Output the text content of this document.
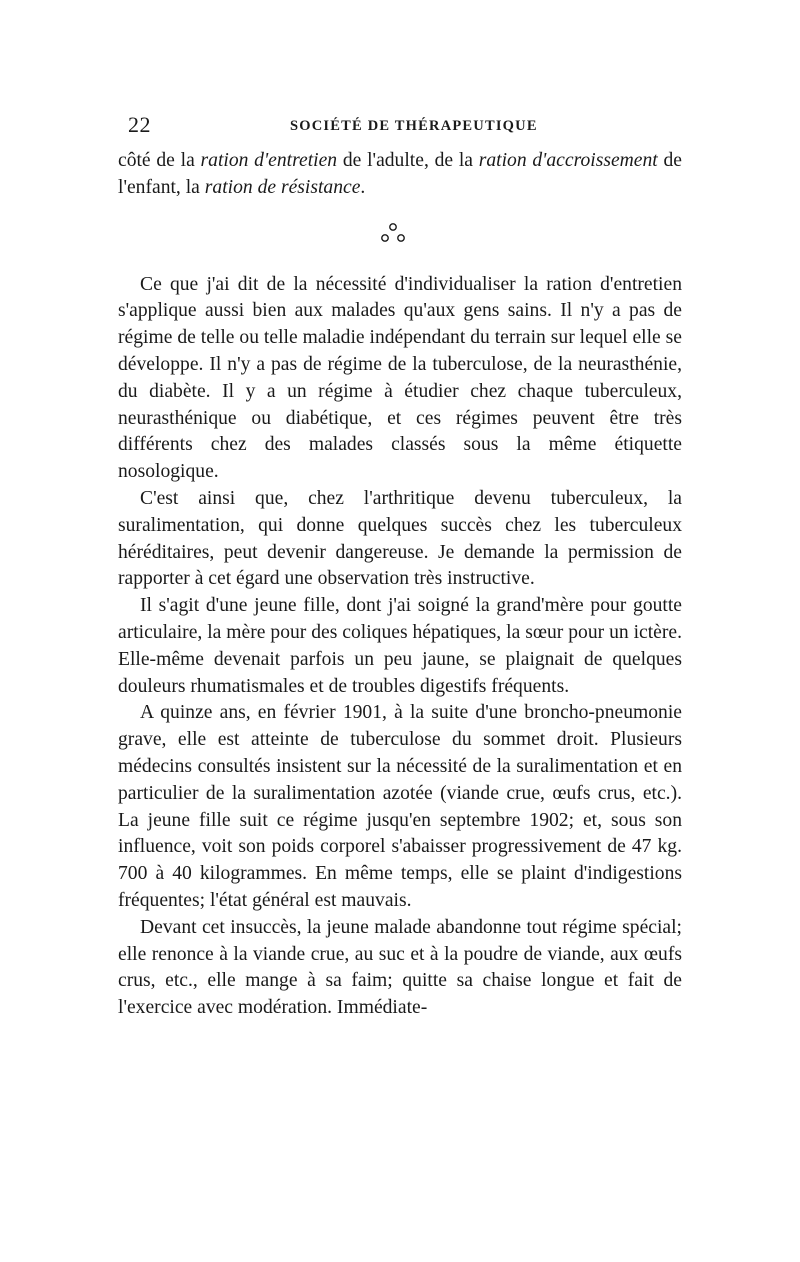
22	SOCIÉTÉ DE THÉRAPEUTIQUE

côté de la ration d'entretien de l'adulte, de la ration d'accroissement de l'enfant, la ration de résistance.

Ce que j'ai dit de la nécessité d'individualiser la ration d'entretien s'applique aussi bien aux malades qu'aux gens sains. Il n'y a pas de régime de telle ou telle maladie indépendant du terrain sur lequel elle se développe. Il n'y a pas de régime de la tuberculose, de la neurasthénie, du diabète. Il y a un régime à étudier chez chaque tuberculeux, neurasthénique ou diabétique, et ces régimes peuvent être très différents chez des malades classés sous la même étiquette nosologique.

C'est ainsi que, chez l'arthritique devenu tuberculeux, la suralimentation, qui donne quelques succès chez les tuberculeux héréditaires, peut devenir dangereuse. Je demande la permission de rapporter à cet égard une observation très instructive.

Il s'agit d'une jeune fille, dont j'ai soigné la grand'mère pour goutte articulaire, la mère pour des coliques hépatiques, la sœur pour un ictère. Elle-même devenait parfois un peu jaune, se plaignait de quelques douleurs rhumatismales et de troubles digestifs fréquents.

A quinze ans, en février 1901, à la suite d'une broncho-pneumonie grave, elle est atteinte de tuberculose du sommet droit. Plusieurs médecins consultés insistent sur la nécessité de la suralimentation et en particulier de la suralimentation azotée (viande crue, œufs crus, etc.). La jeune fille suit ce régime jusqu'en septembre 1902; et, sous son influence, voit son poids corporel s'abaisser progressivement de 47 kg. 700 à 40 kilogrammes. En même temps, elle se plaint d'indigestions fréquentes; l'état général est mauvais.

Devant cet insuccès, la jeune malade abandonne tout régime spécial; elle renonce à la viande crue, au suc et à la poudre de viande, aux œufs crus, etc., elle mange à sa faim; quitte sa chaise longue et fait de l'exercice avec modération. Immédiate-
